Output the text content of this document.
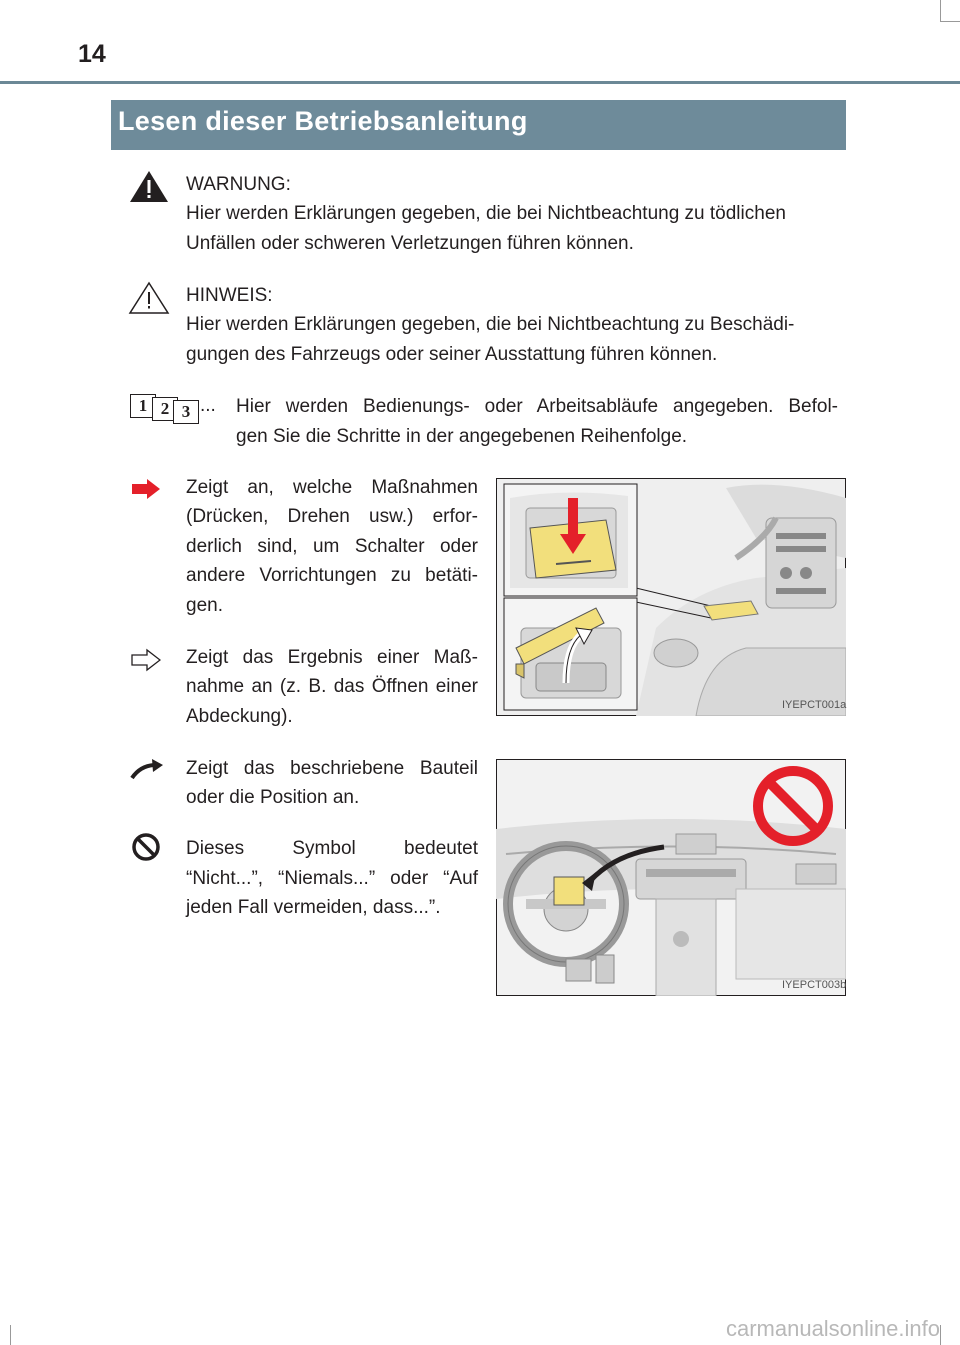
14
Lesen dieser Betriebsanleitung
WARNUNG:
Hier werden Erklärungen gegeben, die bei Nichtbeachtung zu tödlichen
Unfällen oder schweren Verletzungen führen können.
HINWEIS:
Hier werden Erklärungen gegeben, die bei Nichtbeachtung zu Beschädi-
gungen des Fahrzeugs oder seiner Ausstattung führen können.
1 2 3 ... Hier werden Bedienungs- oder Arbeitsabläufe angegeben. Befol-
gen Sie die Schritte in der angegebenen Reihenfolge.
Zeigt an, welche Maßnahmen
(Drücken, Drehen usw.) erfor-
derlich sind, um Schalter oder
andere Vorrichtungen zu betäti-
gen.
Zeigt das Ergebnis einer Maß-
nahme an (z. B. das Öffnen einer
Abdeckung).
Zeigt das beschriebene Bauteil
oder die Position an.
Dieses Symbol bedeutet
“Nicht...”, “Niemals...” oder “Auf
jeden Fall vermeiden, dass...”.
IYEPCT001a
IYEPCT003b
carmanualsonline.info
